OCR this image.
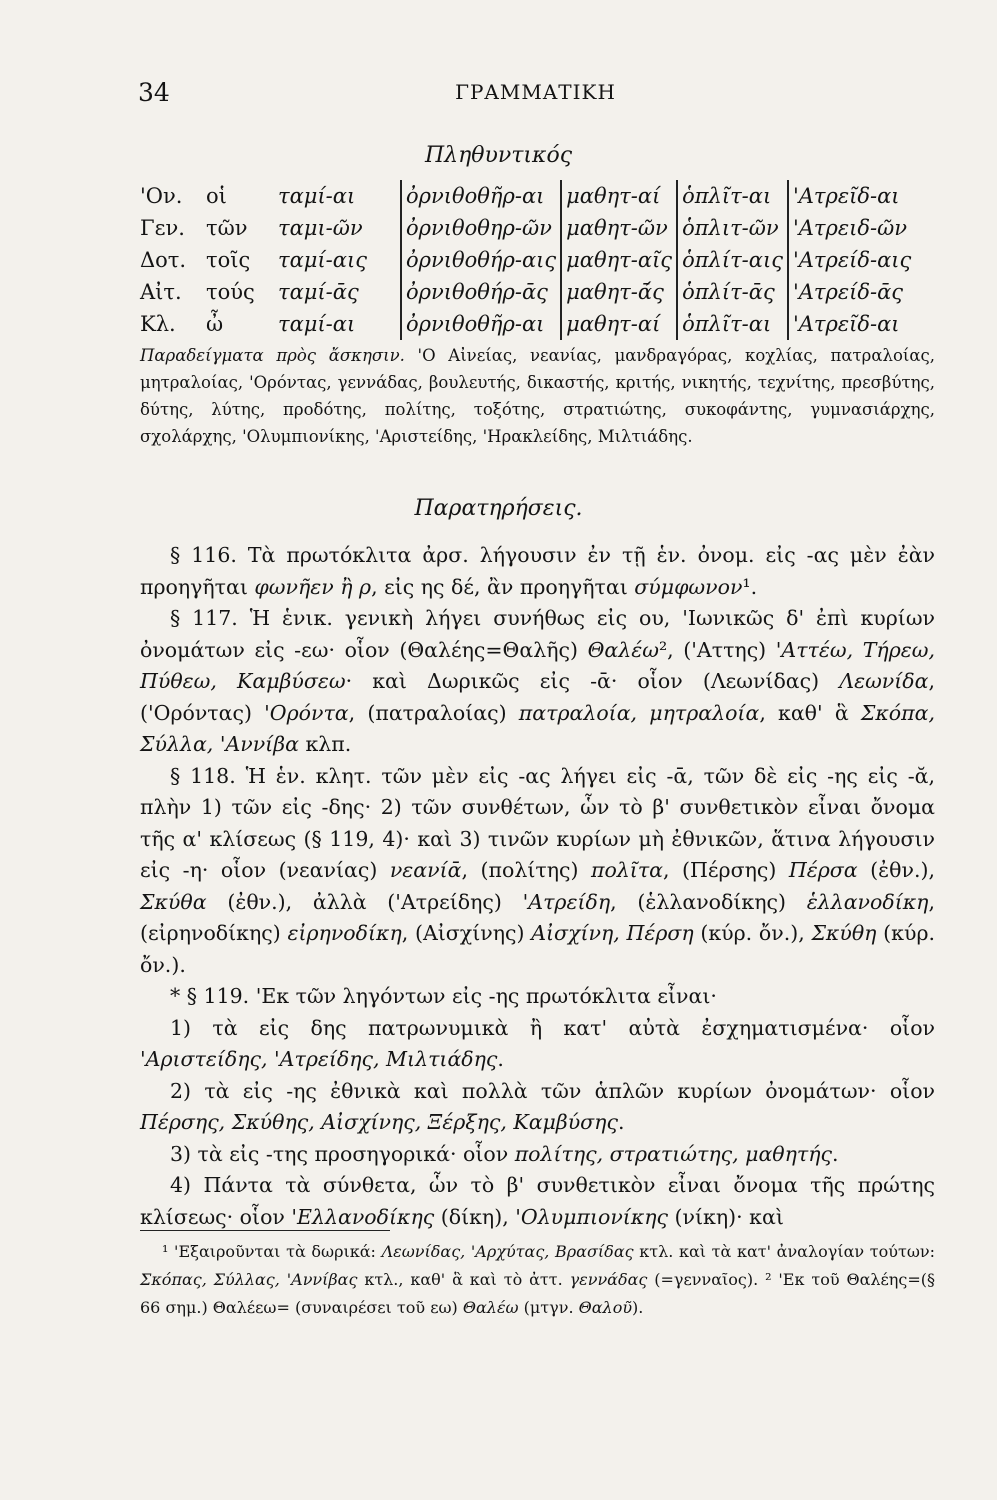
34	ΓΡΑΜΜΑΤΙΚΗ
Πληθυντικός
'Ον.	οἱ	ταμί-αι	ὀρνιθοθῆρ-αι	μαθητ-αί	ὁπλῖτ-αι	'Ατρεῖδ-αι
Γεν.	τῶν	ταμι-ῶν	ὀρνιθοθηρ-ῶν	μαθητ-ῶν	ὁπλιτ-ῶν	'Ατρειδ-ῶν
Δοτ.	τοῖς	ταμί-αις	ὀρνιθοθήρ-αις	μαθητ-αῖς	ὁπλίτ-αις	'Ατρείδ-αις
Αἰτ.	τούς	ταμί-ᾱς	ὀρνιθοθήρ-ᾱς	μαθητ-ᾱ́ς	ὁπλίτ-ᾱς	'Ατρείδ-ᾱς
Κλ.	ὦ	ταμί-αι	ὀρνιθοθῆρ-αι	μαθητ-αί	ὁπλῖτ-αι	'Ατρεῖδ-αι
Παραδείγματα πρὸς ἄσκησιν. 'Ο Αἰνείας, νεανίας, μανδραγόρας, κοχλίας, πατραλοίας, μητραλοίας, 'Ορόντας, γεννάδας, βουλευτής, δικαστής, κριτής, νικητής, τεχνίτης, πρεσβύτης, δύτης, λύτης, προδότης, πολίτης, τοξότης, στρατιώτης, συκοφάντης, γυμνασιάρχης, σχολάρχης, 'Ολυμπιονίκης, 'Αριστείδης, 'Ηρακλείδης, Μιλτιάδης.
Παρατηρήσεις.

§ 116. Τὰ πρωτόκλιτα ἀρσ. λήγουσιν ἐν τῇ ἑν. ὀνομ. εἰς -ας μὲν ἐὰν προηγῆται φωνῆεν ἢ ρ, εἰς ης δέ, ἂν προηγῆται σύμφωνον¹.

§ 117. Ἡ ἑνικ. γενικὴ λήγει συνήθως εἰς ου, 'Ιωνικῶς δ' ἐπὶ κυρίων ὀνομάτων εἰς -εω· οἷον (Θαλέης=Θαλῆς) Θαλέω², ('Αττης) 'Αττέω, Τήρεω, Πύθεω, Καμβύσεω· καὶ Δωρικῶς εἰς -ᾱ· οἷον (Λεωνίδας) Λεωνίδα, ('Ορόντας) 'Ορόντα, (πατραλοίας) πατραλοία, μητραλοία, καθ' ἃ Σκόπα, Σύλλα, 'Αννίβα κλπ.

§ 118. Ἡ ἑν. κλητ. τῶν μὲν εἰς -ας λήγει εἰς -ᾱ, τῶν δὲ εἰς -ης εἰς -ᾰ, πλὴν 1) τῶν εἰς -δης· 2) τῶν συνθέτων, ὧν τὸ β' συνθετικὸν εἶναι ὄνομα τῆς α' κλίσεως (§ 119, 4)· καὶ 3) τινῶν κυρίων μὴ ἐθνικῶν, ἅτινα λήγουσιν εἰς -η· οἷον (νεανίας) νεανίᾱ, (πολίτης) πολῖτα, (Πέρσης) Πέρσα (ἐθν.), Σκύθα (ἐθν.), ἀλλὰ ('Ατρείδης) 'Ατρείδη, (ἑλλανοδίκης) ἑλλανοδίκη, (εἰρηνοδίκης) εἰρηνοδίκη, (Αἰσχίνης) Αἰσχίνη, Πέρση (κύρ. ὄν.), Σκύθη (κύρ. ὄν.).

* § 119. 'Εκ τῶν ληγόντων εἰς -ης πρωτόκλιτα εἶναι·

1) τὰ εἰς δης πατρωνυμικὰ ἢ κατ' αὐτὰ ἐσχηματισμένα· οἷον 'Αριστείδης, 'Ατρείδης, Μιλτιάδης.

2) τὰ εἰς -ης ἐθνικὰ καὶ πολλὰ τῶν ἁπλῶν κυρίων ὀνομάτων· οἷον Πέρσης, Σκύθης, Αἰσχίνης, Ξέρξης, Καμβύσης.

3) τὰ εἰς -της προσηγορικά· οἷον πολίτης, στρατιώτης, μαθητής.

4) Πάντα τὰ σύνθετα, ὧν τὸ β' συνθετικὸν εἶναι ὄνομα τῆς πρώτης κλίσεως· οἷον 'Ελλανοδίκης (δίκη), 'Ολυμπιονίκης (νίκη)· καὶ

¹ 'Εξαιροῦνται τὰ δωρικά: Λεωνίδας, 'Αρχύτας, Βρασίδας κτλ. καὶ τὰ κατ' ἀναλογίαν τούτων: Σκόπας, Σύλλας, 'Αννίβας κτλ., καθ' ἃ καὶ τὸ ἀττ. γεννάδας (=γενναῖος). ² 'Εκ τοῦ Θαλέης=(§ 66 σημ.) Θαλέεω= (συναιρέσει τοῦ εω) Θαλέω (μτγν. Θαλοῦ).
